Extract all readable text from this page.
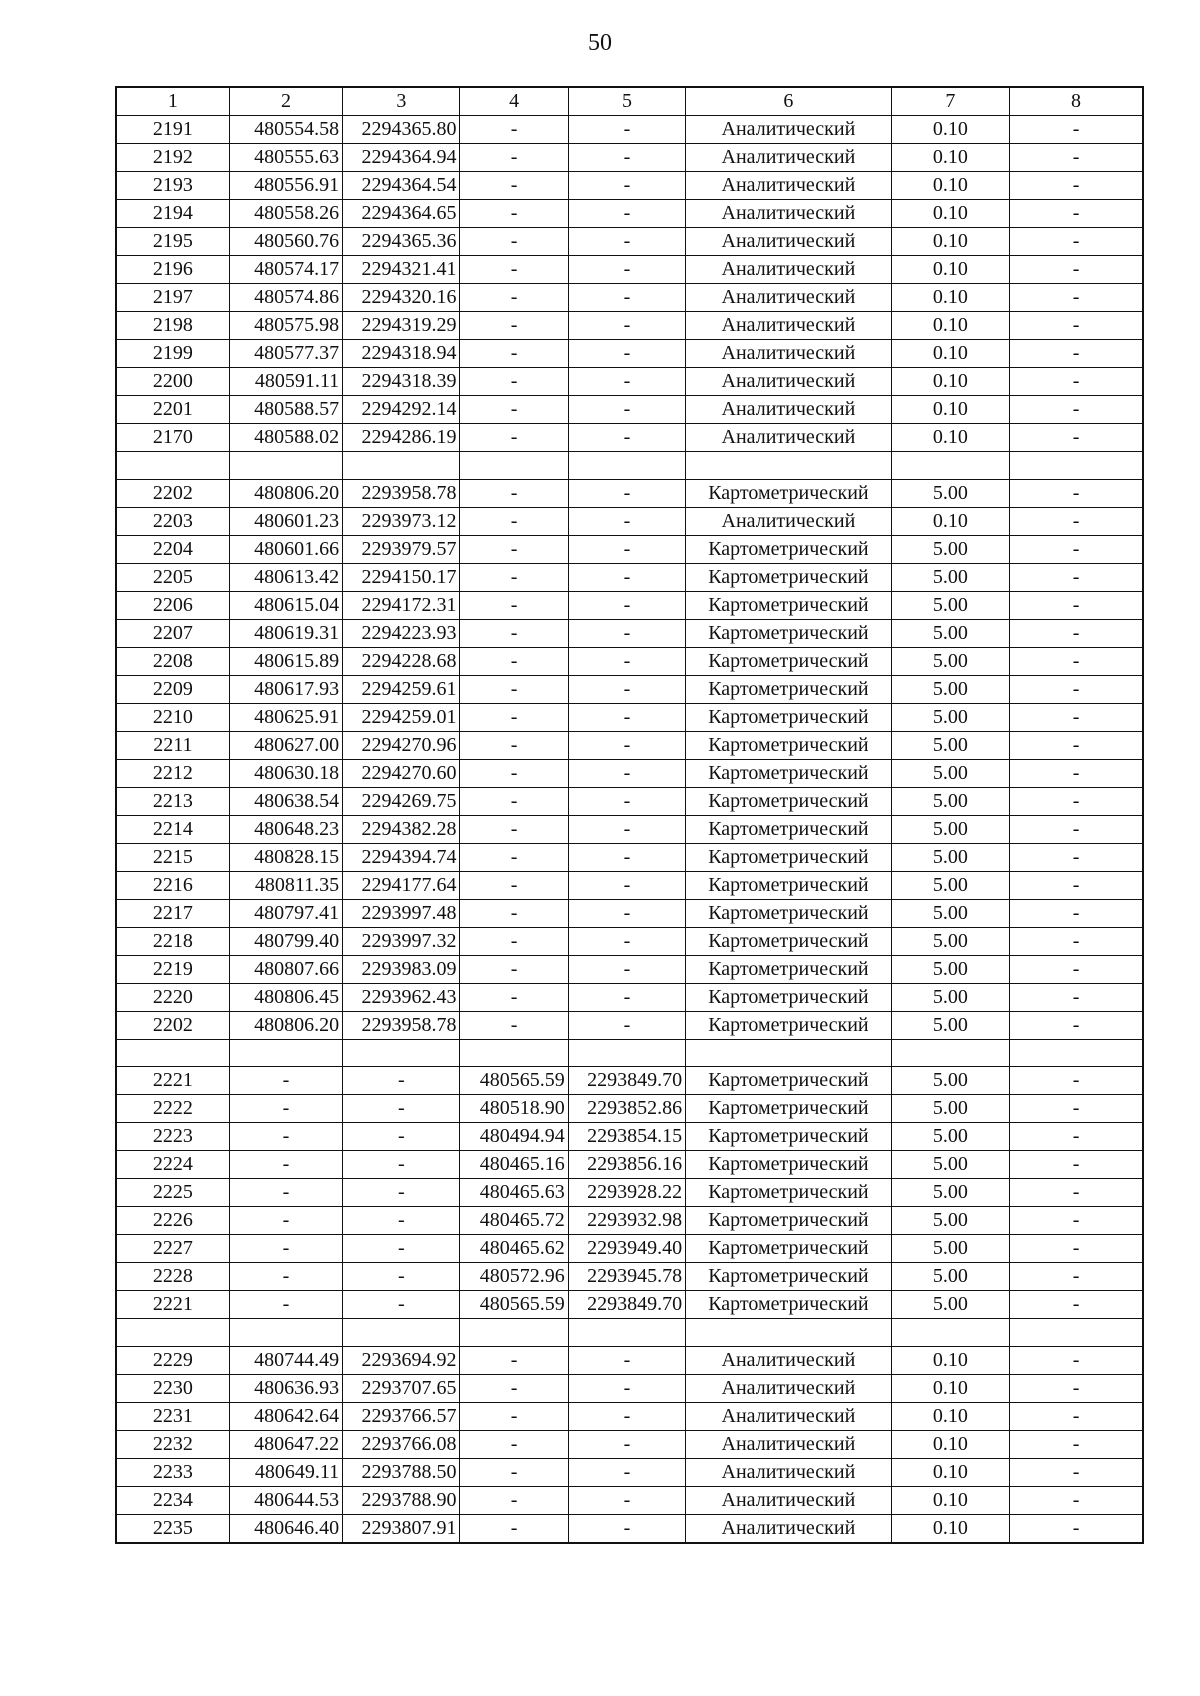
50
1	2	3	4	5	6	7	8
2191	480554.58	2294365.80	-	-	Аналитический	0.10	-
2192	480555.63	2294364.94	-	-	Аналитический	0.10	-
2193	480556.91	2294364.54	-	-	Аналитический	0.10	-
2194	480558.26	2294364.65	-	-	Аналитический	0.10	-
2195	480560.76	2294365.36	-	-	Аналитический	0.10	-
2196	480574.17	2294321.41	-	-	Аналитический	0.10	-
2197	480574.86	2294320.16	-	-	Аналитический	0.10	-
2198	480575.98	2294319.29	-	-	Аналитический	0.10	-
2199	480577.37	2294318.94	-	-	Аналитический	0.10	-
2200	480591.11	2294318.39	-	-	Аналитический	0.10	-
2201	480588.57	2294292.14	-	-	Аналитический	0.10	-
2170	480588.02	2294286.19	-	-	Аналитический	0.10	-

2202	480806.20	2293958.78	-	-	Картометрический	5.00	-
2203	480601.23	2293973.12	-	-	Аналитический	0.10	-
2204	480601.66	2293979.57	-	-	Картометрический	5.00	-
2205	480613.42	2294150.17	-	-	Картометрический	5.00	-
2206	480615.04	2294172.31	-	-	Картометрический	5.00	-
2207	480619.31	2294223.93	-	-	Картометрический	5.00	-
2208	480615.89	2294228.68	-	-	Картометрический	5.00	-
2209	480617.93	2294259.61	-	-	Картометрический	5.00	-
2210	480625.91	2294259.01	-	-	Картометрический	5.00	-
2211	480627.00	2294270.96	-	-	Картометрический	5.00	-
2212	480630.18	2294270.60	-	-	Картометрический	5.00	-
2213	480638.54	2294269.75	-	-	Картометрический	5.00	-
2214	480648.23	2294382.28	-	-	Картометрический	5.00	-
2215	480828.15	2294394.74	-	-	Картометрический	5.00	-
2216	480811.35	2294177.64	-	-	Картометрический	5.00	-
2217	480797.41	2293997.48	-	-	Картометрический	5.00	-
2218	480799.40	2293997.32	-	-	Картометрический	5.00	-
2219	480807.66	2293983.09	-	-	Картометрический	5.00	-
2220	480806.45	2293962.43	-	-	Картометрический	5.00	-
2202	480806.20	2293958.78	-	-	Картометрический	5.00	-

2221	-	-	480565.59	2293849.70	Картометрический	5.00	-
2222	-	-	480518.90	2293852.86	Картометрический	5.00	-
2223	-	-	480494.94	2293854.15	Картометрический	5.00	-
2224	-	-	480465.16	2293856.16	Картометрический	5.00	-
2225	-	-	480465.63	2293928.22	Картометрический	5.00	-
2226	-	-	480465.72	2293932.98	Картометрический	5.00	-
2227	-	-	480465.62	2293949.40	Картометрический	5.00	-
2228	-	-	480572.96	2293945.78	Картометрический	5.00	-
2221	-	-	480565.59	2293849.70	Картометрический	5.00	-

2229	480744.49	2293694.92	-	-	Аналитический	0.10	-
2230	480636.93	2293707.65	-	-	Аналитический	0.10	-
2231	480642.64	2293766.57	-	-	Аналитический	0.10	-
2232	480647.22	2293766.08	-	-	Аналитический	0.10	-
2233	480649.11	2293788.50	-	-	Аналитический	0.10	-
2234	480644.53	2293788.90	-	-	Аналитический	0.10	-
2235	480646.40	2293807.91	-	-	Аналитический	0.10	-
